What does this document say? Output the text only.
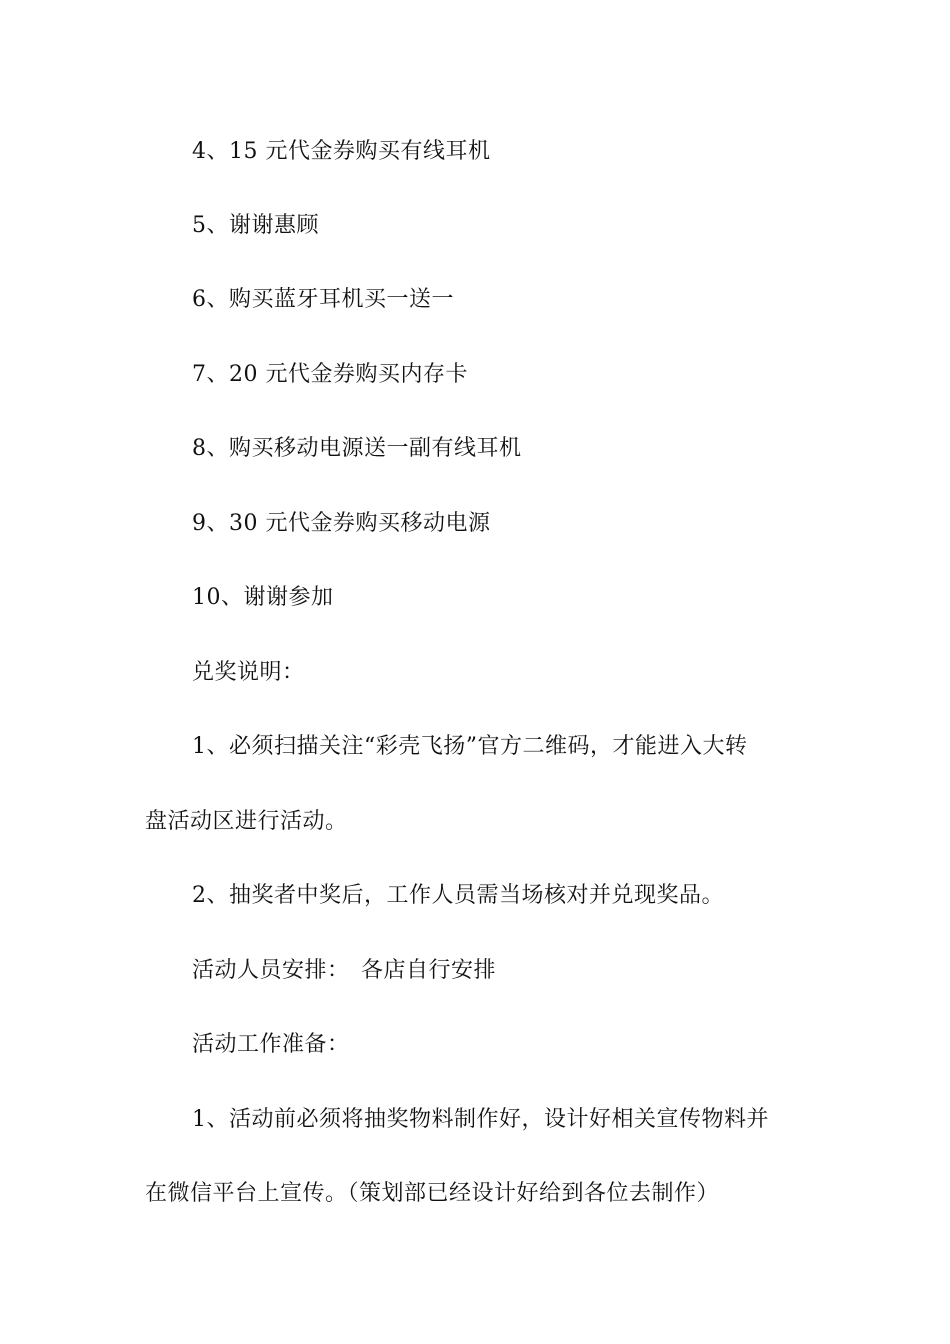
4、15 元代金券购买有线耳机
5、谢谢惠顾
6、购买蓝牙耳机买一送一
7、20 元代金券购买内存卡
8、购买移动电源送一副有线耳机
9、30 元代金券购买移动电源
10、谢谢参加
兑奖说明：
1、必须扫描关注“彩壳飞扬”官方二维码，才能进入大转
盘活动区进行活动。
2、抽奖者中奖后，工作人员需当场核对并兑现奖品。
活动人员安排：　各店自行安排
活动工作准备：
1、活动前必须将抽奖物料制作好，设计好相关宣传物料并
在微信平台上宣传。（策划部已经设计好给到各位去制作）
